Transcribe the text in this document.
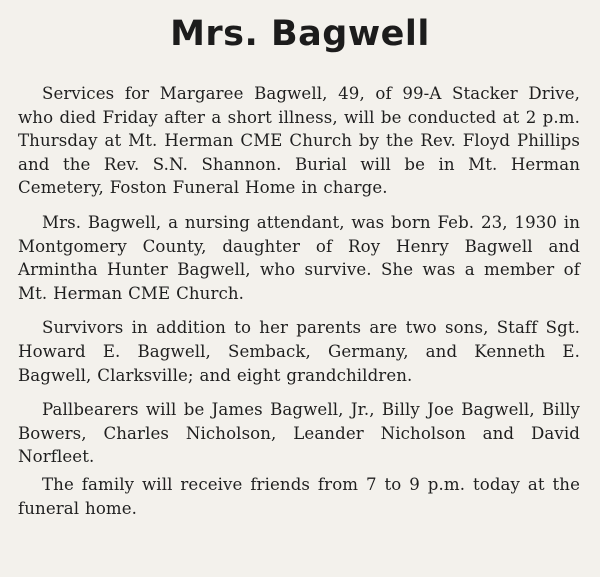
Mrs. Bagwell

Services for Margaree Bagwell, 49, of 99-A Stacker Drive, who died Friday after a short illness, will be conducted at 2 p.m. Thursday at Mt. Herman CME Church by the Rev. Floyd Phillips and the Rev. S.N. Shannon. Burial will be in Mt. Herman Cemetery, Foston Funeral Home in charge.

Mrs. Bagwell, a nursing attendant, was born Feb. 23, 1930 in Montgomery County, daughter of Roy Henry Bagwell and Armintha Hunter Bagwell, who survive. She was a member of Mt. Herman CME Church.

Survivors in addition to her parents are two sons, Staff Sgt. Howard E. Bagwell, Semback, Germany, and Kenneth E. Bagwell, Clarksville; and eight grandchildren.

Pallbearers will be James Bagwell, Jr., Billy Joe Bagwell, Billy Bowers, Charles Nicholson, Leander Nicholson and David Norfleet.

The family will receive friends from 7 to 9 p.m. today at the funeral home.
